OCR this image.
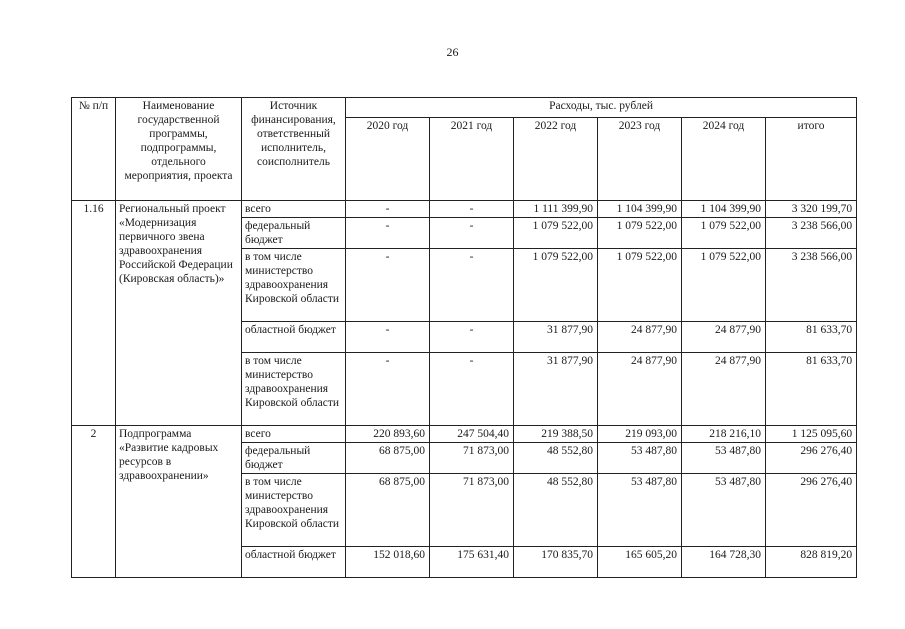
26
№ п/п	Наименование государственной программы, подпрограммы, отдельного мероприятия, проекта	Источник финансирования, ответственный исполнитель, соисполнитель	Расходы, тыс. рублей					
			2020 год	2021 год	2022 год	2023 год	2024 год	итого
1.16	Региональный проект «Модернизация первичного звена здравоохранения Российской Федерации (Кировская область)»	всего	-	-	1 111 399,90	1 104 399,90	1 104 399,90	3 320 199,70
		федеральный бюджет	-	-	1 079 522,00	1 079 522,00	1 079 522,00	3 238 566,00
		в том числе министерство здравоохранения Кировской области	-	-	1 079 522,00	1 079 522,00	1 079 522,00	3 238 566,00
		областной бюджет	-	-	31 877,90	24 877,90	24 877,90	81 633,70
		в том числе министерство здравоохранения Кировской области	-	-	31 877,90	24 877,90	24 877,90	81 633,70
2	Подпрограмма «Развитие кадровых ресурсов в здравоохранении»	всего	220 893,60	247 504,40	219 388,50	219 093,00	218 216,10	1 125 095,60
		федеральный бюджет	68 875,00	71 873,00	48 552,80	53 487,80	53 487,80	296 276,40
		в том числе министерство здравоохранения Кировской области	68 875,00	71 873,00	48 552,80	53 487,80	53 487,80	296 276,40
		областной бюджет	152 018,60	175 631,40	170 835,70	165 605,20	164 728,30	828 819,20
